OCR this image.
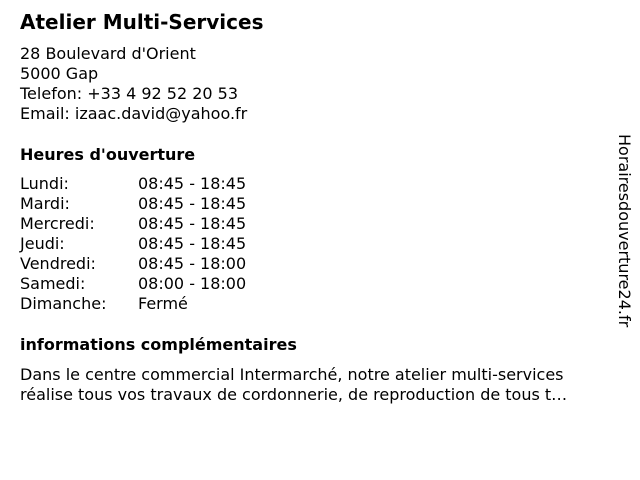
Atelier Multi-Services
28 Boulevard d'Orient
5000 Gap
Telefon: +33 4 92 52 20 53
Email: izaac.david@yahoo.fr
Heures d'ouverture
Lundi:	08:45 - 18:45
Mardi:	08:45 - 18:45
Mercredi:	08:45 - 18:45
Jeudi:	08:45 - 18:45
Vendredi:	08:45 - 18:00
Samedi:	08:00 - 18:00
Dimanche: Fermé
informations complémentaires
Dans le centre commercial Intermarché, notre atelier multi-services
réalise tous vos travaux de cordonnerie, de reproduction de tous t…
Horairesdouverture24.fr
